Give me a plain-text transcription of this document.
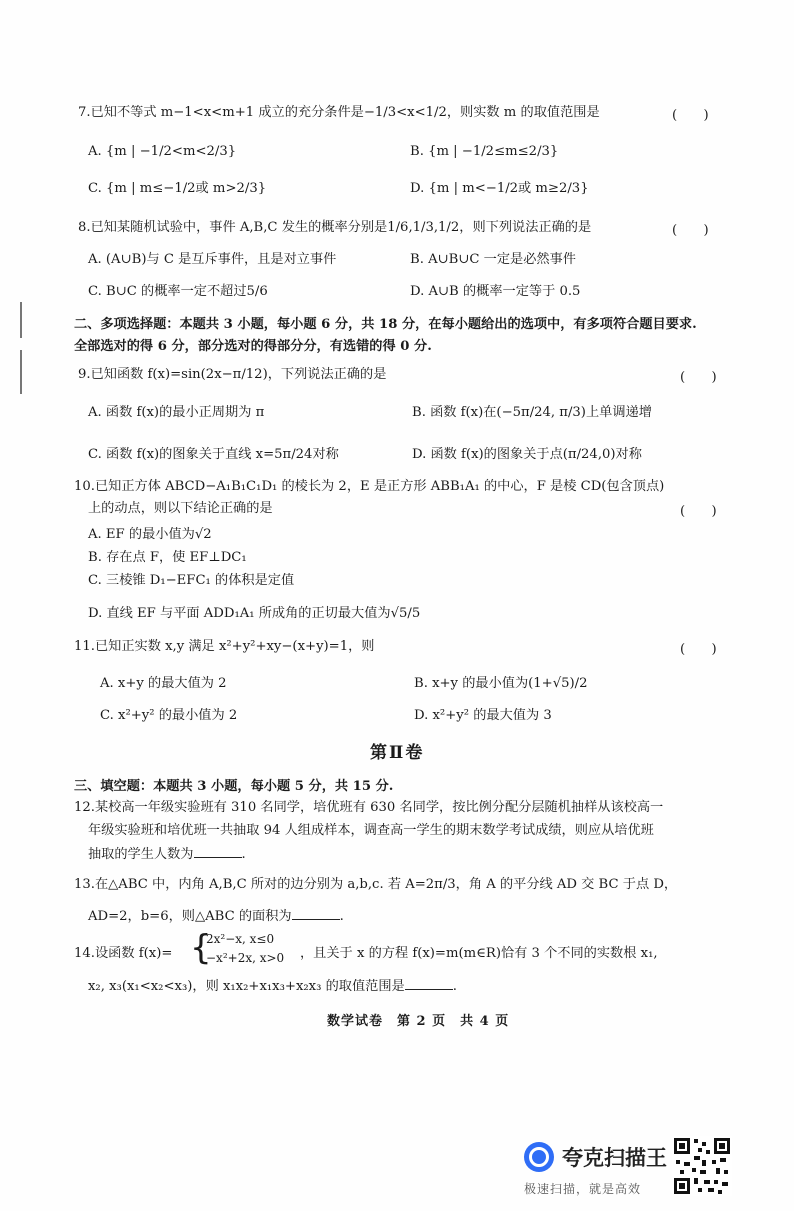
7.已知不等式 m−1<x<m+1 成立的充分条件是−1/3<x<1/2，则实数 m 的取值范围是	(　　)
A. {m | −1/2<m<2/3}	B. {m | −1/2≤m≤2/3}
C. {m | m≤−1/2或 m>2/3}	D. {m | m<−1/2或 m≥2/3}
8.已知某随机试验中，事件 A,B,C 发生的概率分别是1/6,1/3,1/2，则下列说法正确的是	(　　)
A. (A∪B)与 C 是互斥事件，且是对立事件	B. A∪B∪C 一定是必然事件
C. B∪C 的概率一定不超过5/6	D. A∪B 的概率一定等于 0.5
二、多项选择题：本题共 3 小题，每小题 6 分，共 18 分，在每小题给出的选项中，有多项符合题目要求.
全部选对的得 6 分，部分选对的得部分分，有选错的得 0 分.
9.已知函数 f(x)=sin(2x−π/12)，下列说法正确的是	(　　)
A. 函数 f(x)的最小正周期为 π	B. 函数 f(x)在(−5π/24, π/3)上单调递增
C. 函数 f(x)的图象关于直线 x=5π/24对称	D. 函数 f(x)的图象关于点(π/24,0)对称
10.已知正方体 ABCD−A₁B₁C₁D₁ 的棱长为 2，E 是正方形 ABB₁A₁ 的中心，F 是棱 CD(包含顶点)
上的动点，则以下结论正确的是	(　　)
A. EF 的最小值为√2
B. 存在点 F，使 EF⊥DC₁
C. 三棱锥 D₁−EFC₁ 的体积是定值
D. 直线 EF 与平面 ADD₁A₁ 所成角的正切最大值为√5/5
11.已知正实数 x,y 满足 x²+y²+xy−(x+y)=1，则	(　　)
A. x+y 的最大值为 2	B. x+y 的最小值为(1+√5)/2
C. x²+y² 的最小值为 2	D. x²+y² 的最大值为 3
第Ⅱ卷
三、填空题：本题共 3 小题，每小题 5 分，共 15 分.
12.某校高一年级实验班有 310 名同学，培优班有 630 名同学，按比例分配分层随机抽样从该校高一
年级实验班和培优班一共抽取 94 人组成样本，调查高一学生的期末数学考试成绩，则应从培优班
抽取的学生人数为	.
13.在△ABC 中，内角 A,B,C 所对的边分别为 a,b,c. 若 A=2π/3，角 A 的平分线 AD 交 BC 于点 D，
AD=2，b=6，则△ABC 的面积为	.
14.设函数 f(x)= {
2x²−x, x≤0
−x²+2x, x>0 ，且关于 x 的方程 f(x)=m(m∈R)恰有 3 个不同的实数根 x₁,
x₂, x₃(x₁<x₂<x₃)，则 x₁x₂+x₁x₃+x₂x₃ 的取值范围是	.
数学试卷　第 2 页　共 4 页
夸克扫描王
极速扫描，就是高效
